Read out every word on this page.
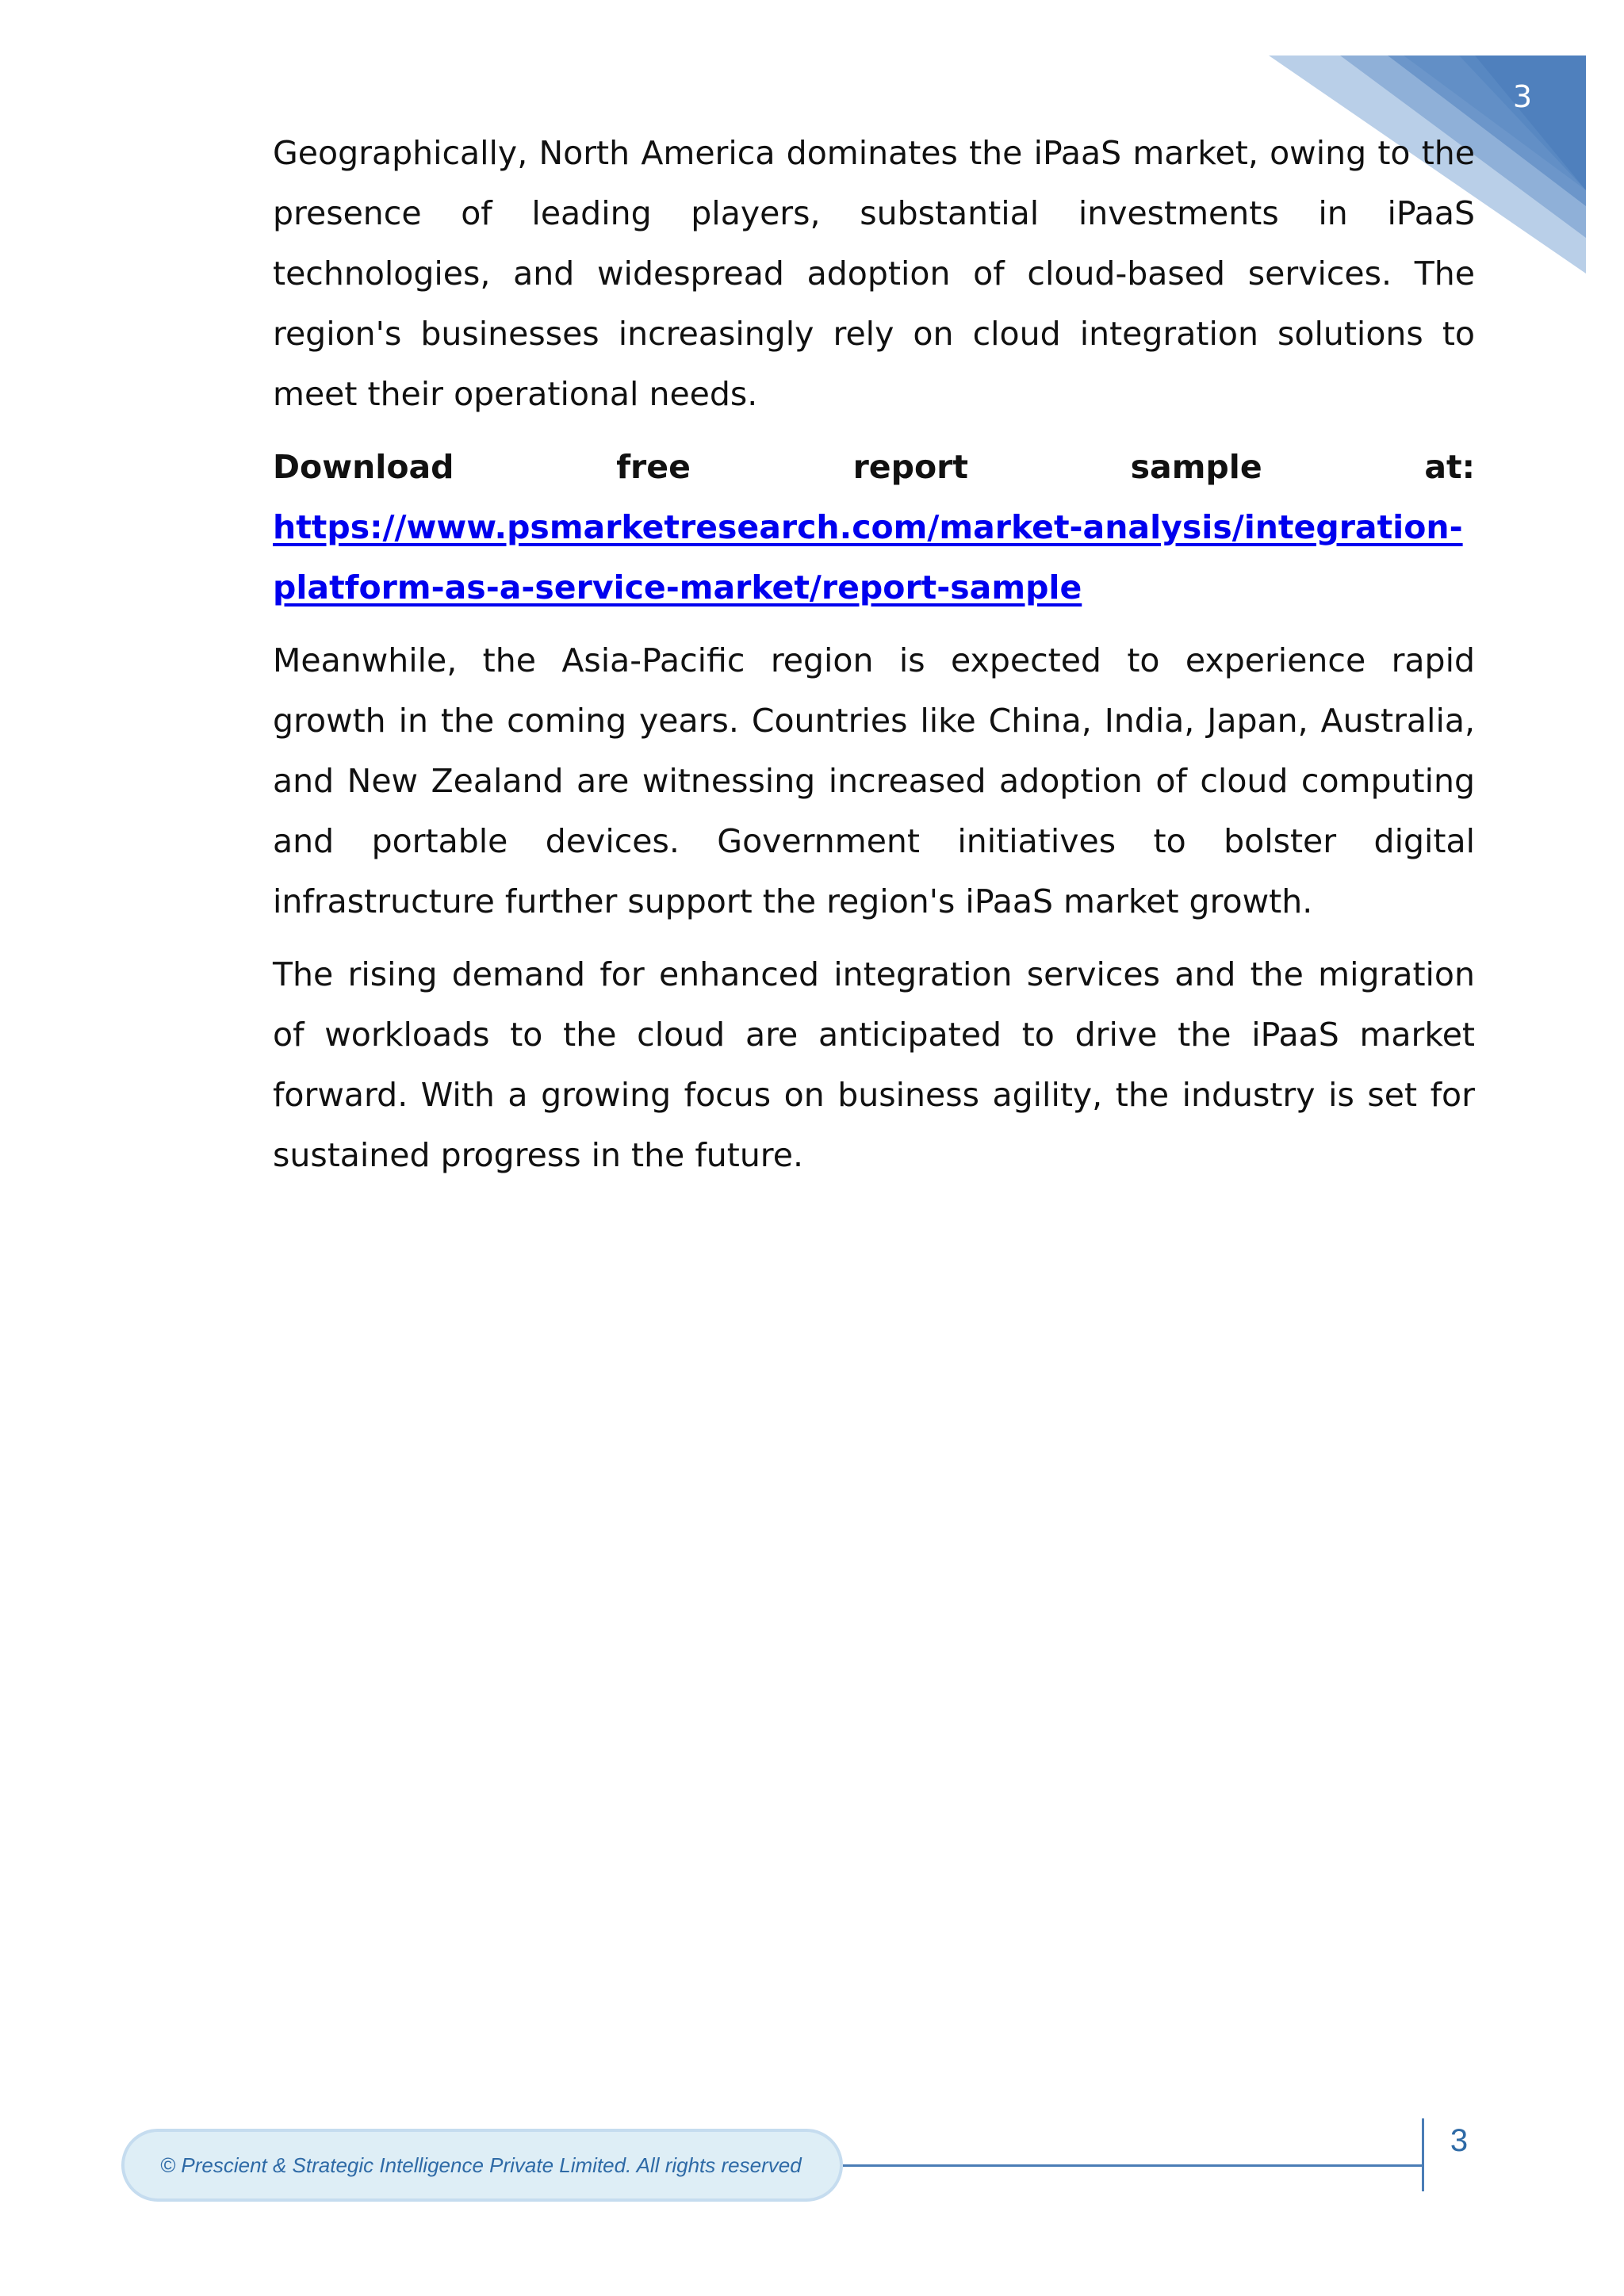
3

Geographically, North America dominates the iPaaS market, owing to the presence of leading players, substantial investments in iPaaS technologies, and widespread adoption of cloud-based services. The region's businesses increasingly rely on cloud integration solutions to meet their operational needs.

Download free report sample at:

https://www.psmarketresearch.com/market-analysis/integration-platform-as-a-service-market/report-sample

Meanwhile, the Asia-Pacific region is expected to experience rapid growth in the coming years. Countries like China, India, Japan, Australia, and New Zealand are witnessing increased adoption of cloud computing and portable devices. Government initiatives to bolster digital infrastructure further support the region's iPaaS market growth.

The rising demand for enhanced integration services and the migration of workloads to the cloud are anticipated to drive the iPaaS market forward. With a growing focus on business agility, the industry is set for sustained progress in the future.

© Prescient & Strategic Intelligence Private Limited. All rights reserved
3
